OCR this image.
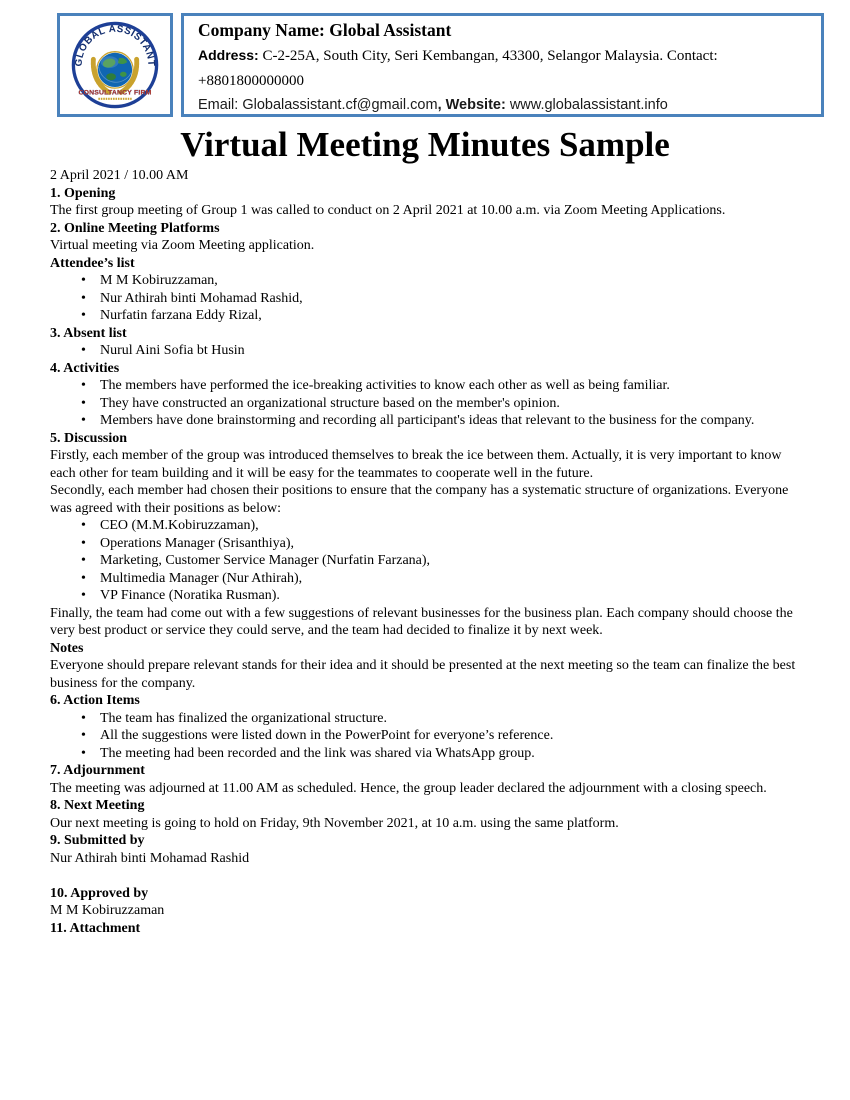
GLOBAL ASSISTANT
CONSULTANCY FIRM

Company Name: Global Assistant

Address: C-2-25A, South City, Seri Kembangan, 43300, Selangor Malaysia. Contact: +8801800000000

Email: Globalassistant.cf@gmail.com, Website: www.globalassistant.info

Virtual Meeting Minutes Sample

2 April 2021 / 10.00 AM

1. Opening

The first group meeting of Group 1 was called to conduct on 2 April 2021 at 10.00 a.m. via Zoom Meeting Applications.

2. Online Meeting Platforms

Virtual meeting via Zoom Meeting application.

Attendee’s list

• M M Kobiruzzaman,
• Nur Athirah binti Mohamad Rashid,
• Nurfatin farzana Eddy Rizal,

3. Absent list

• Nurul Aini Sofia bt Husin

4. Activities

• The members have performed the ice-breaking activities to know each other as well as being familiar.
• They have constructed an organizational structure based on the member's opinion.
• Members have done brainstorming and recording all participant's ideas that relevant to the business for the company.

5. Discussion

Firstly, each member of the group was introduced themselves to break the ice between them. Actually, it is very important to know each other for team building and it will be easy for the teammates to cooperate well in the future.

Secondly, each member had chosen their positions to ensure that the company has a systematic structure of organizations. Everyone was agreed with their positions as below:

• CEO (M.M.Kobiruzzaman),
• Operations Manager (Srisanthiya),
• Marketing, Customer Service Manager (Nurfatin Farzana),
• Multimedia Manager (Nur Athirah),
• VP Finance (Noratika Rusman).

Finally, the team had come out with a few suggestions of relevant businesses for the business plan. Each company should choose the very best product or service they could serve, and the team had decided to finalize it by next week.

Notes

Everyone should prepare relevant stands for their idea and it should be presented at the next meeting so the team can finalize the best business for the company.

6. Action Items

• The team has finalized the organizational structure.
• All the suggestions were listed down in the PowerPoint for everyone’s reference.
• The meeting had been recorded and the link was shared via WhatsApp group.

7. Adjournment

The meeting was adjourned at 11.00 AM as scheduled. Hence, the group leader declared the adjournment with a closing speech.

8. Next Meeting

Our next meeting is going to hold on Friday, 9th November 2021, at 10 a.m. using the same platform.

9. Submitted by

Nur Athirah binti Mohamad Rashid

10. Approved by

M M Kobiruzzaman

11. Attachment
